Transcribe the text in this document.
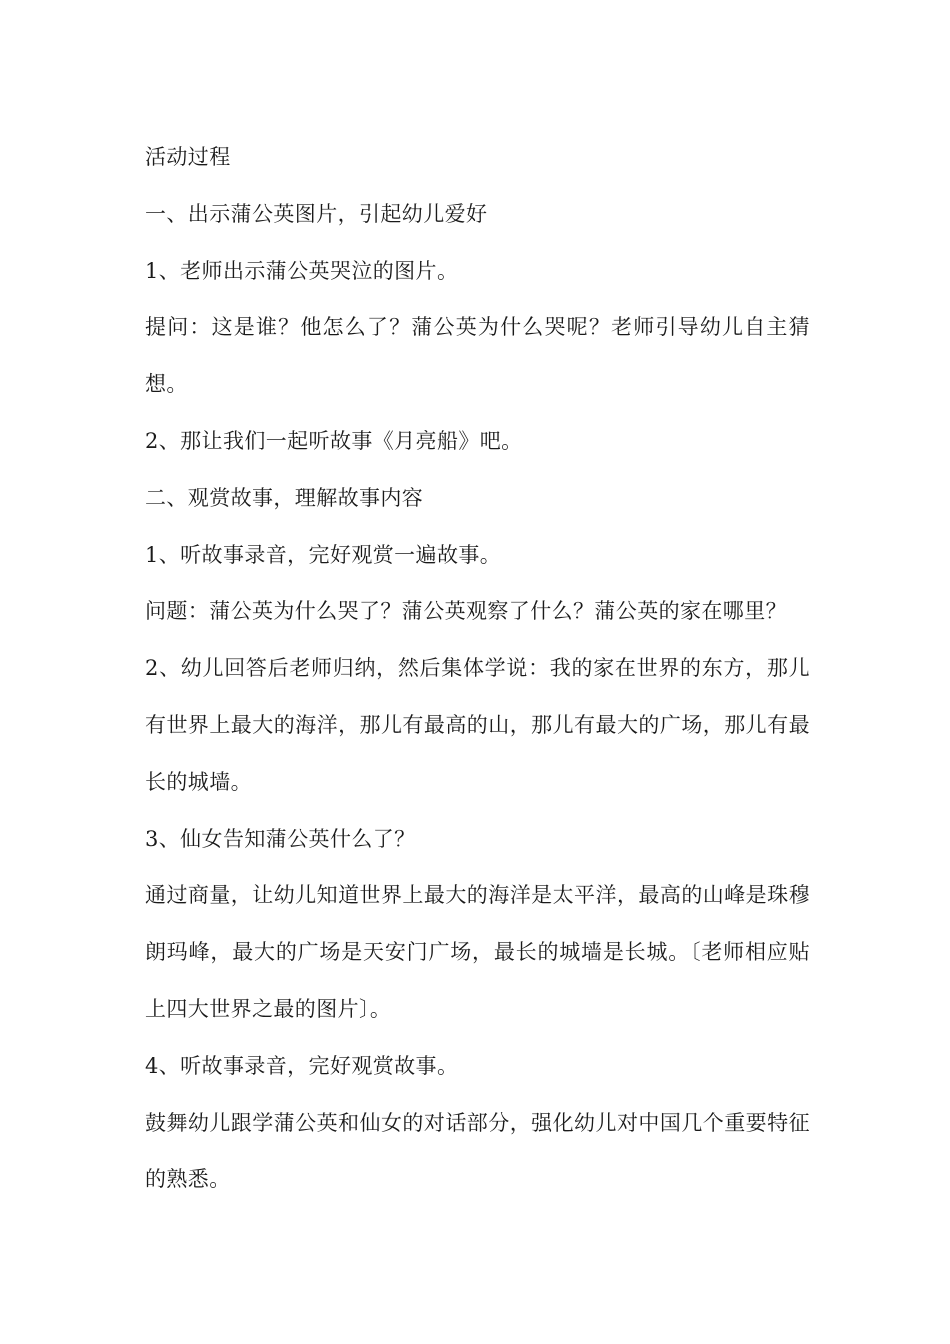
活动过程

一、出示蒲公英图片，引起幼儿爱好

1、老师出示蒲公英哭泣的图片。

提问：这是谁？他怎么了？蒲公英为什么哭呢？老师引导幼儿自主猜想。

2、那让我们一起听故事《月亮船》吧。

二、观赏故事，理解故事内容

1、听故事录音，完好观赏一遍故事。

问题：蒲公英为什么哭了？蒲公英观察了什么？蒲公英的家在哪里？

2、幼儿回答后老师归纳，然后集体学说：我的家在世界的东方，那儿有世界上最大的海洋，那儿有最高的山，那儿有最大的广场，那儿有最长的城墙。

3、仙女告知蒲公英什么了？

通过商量，让幼儿知道世界上最大的海洋是太平洋，最高的山峰是珠穆朗玛峰，最大的广场是天安门广场，最长的城墙是长城。〔老师相应贴上四大世界之最的图片〕。

4、听故事录音，完好观赏故事。

鼓舞幼儿跟学蒲公英和仙女的对话部分，强化幼儿对中国几个重要特征的熟悉。
